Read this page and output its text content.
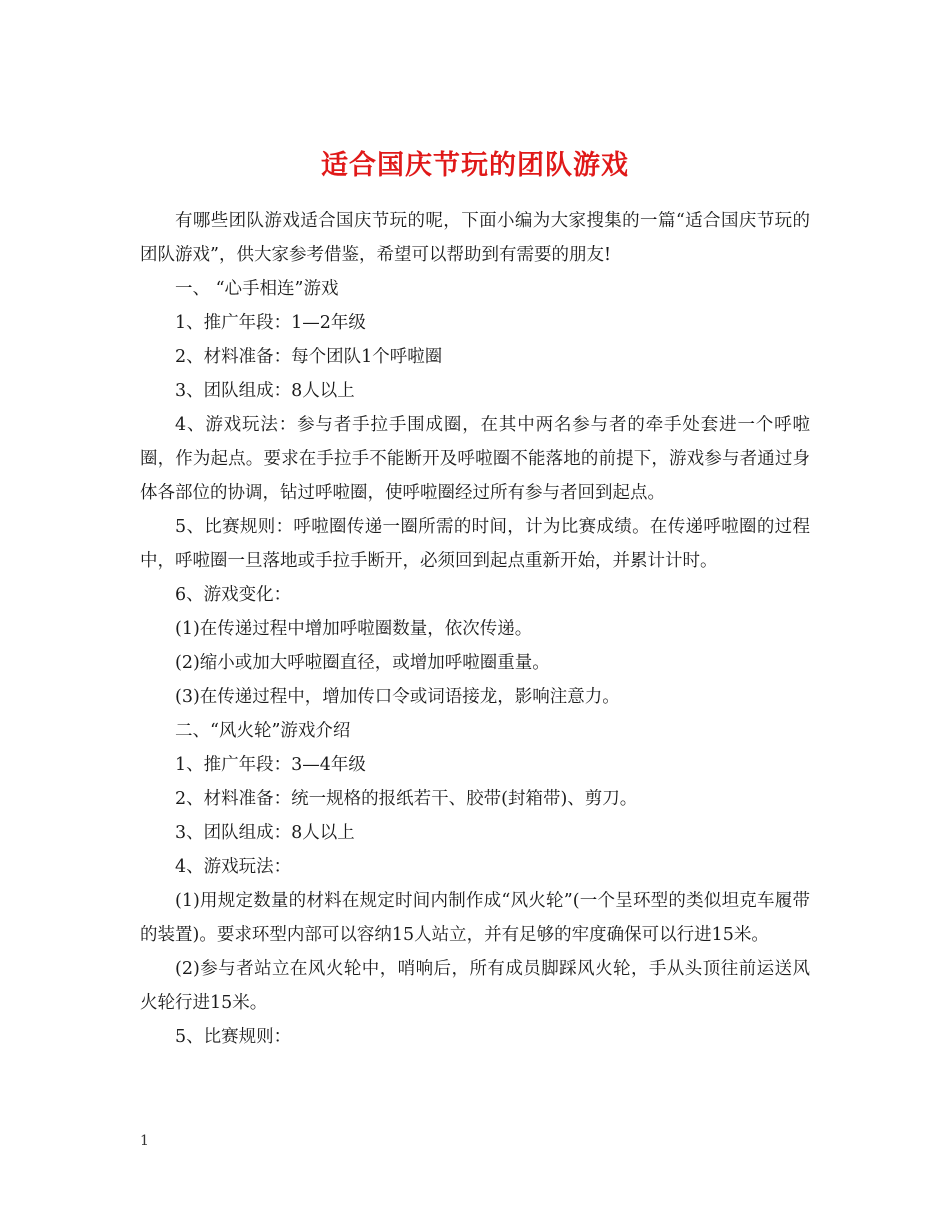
适合国庆节玩的团队游戏

有哪些团队游戏适合国庆节玩的呢，下面小编为大家搜集的一篇“适合国庆节玩的团队游戏”，供大家参考借鉴，希望可以帮助到有需要的朋友!

一、 “心手相连”游戏

1、推广年段：1—2年级

2、材料准备：每个团队1个呼啦圈

3、团队组成：8人以上

4、游戏玩法：参与者手拉手围成圈，在其中两名参与者的牵手处套进一个呼啦圈，作为起点。要求在手拉手不能断开及呼啦圈不能落地的前提下，游戏参与者通过身体各部位的协调，钻过呼啦圈，使呼啦圈经过所有参与者回到起点。

5、比赛规则：呼啦圈传递一圈所需的时间，计为比赛成绩。在传递呼啦圈的过程中，呼啦圈一旦落地或手拉手断开，必须回到起点重新开始，并累计计时。

6、游戏变化：

(1)在传递过程中增加呼啦圈数量，依次传递。

(2)缩小或加大呼啦圈直径，或增加呼啦圈重量。

(3)在传递过程中，增加传口令或词语接龙，影响注意力。

二、“风火轮”游戏介绍

1、推广年段：3—4年级

2、材料准备：统一规格的报纸若干、胶带(封箱带)、剪刀。

3、团队组成：8人以上

4、游戏玩法：

(1)用规定数量的材料在规定时间内制作成“风火轮”(一个呈环型的类似坦克车履带的装置)。要求环型内部可以容纳15人站立，并有足够的牢度确保可以行进15米。

(2)参与者站立在风火轮中，哨响后，所有成员脚踩风火轮，手从头顶往前运送风火轮行进15米。

5、比赛规则：

1
